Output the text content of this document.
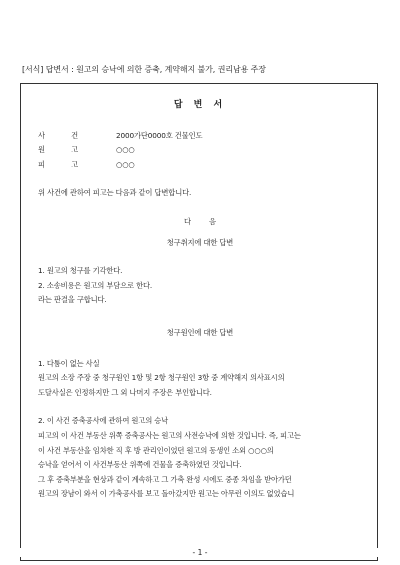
[서식] 답변서 : 원고의 승낙에 의한 증축, 계약해지 불가, 권리남용 주장
답 변 서
사	건	2000가단0000호 건물인도
원	고	○○○
피	고	○○○
위 사건에 관하여 피고는 다음과 같이 답변합니다.
다음
청구취지에 대한 답변
1. 원고의 청구를 기각한다.
2. 소송비용은 원고의 부담으로 한다.
라는 판결을 구합니다.
청구원인에 대한 답변
1. 다툼이 없는 사실
원고의 소장 주장 중 청구원인 1항 및 2항 청구원인 3항 중 계약해지 의사표시의
도달사실은 인정하지만 그 외 나머지 주장은 부인합니다.
2. 이 사건 증축공사에 관하여 원고의 승낙
피고의 이 사건 부동산 위쪽 증축공사는 원고의 사전승낙에 의한 것입니다. 즉, 피고는
이 사건 부동산을 임차한 직 후 방 관리인이었던 원고의 동생인 소외 ○○○의
승낙을 얻어서 이 사건부동산 위쪽에 건물을 증축하였던 것입니다.
그 후 증축부분을 현상과 같이 계속하고 그 가축 완성 시에도 중종 차임을 받아가던
원고의 장남이 와서 이 가축공사를 보고 돌아갔지만 원고는 아무런 이의도 없었습니
- 1 -
